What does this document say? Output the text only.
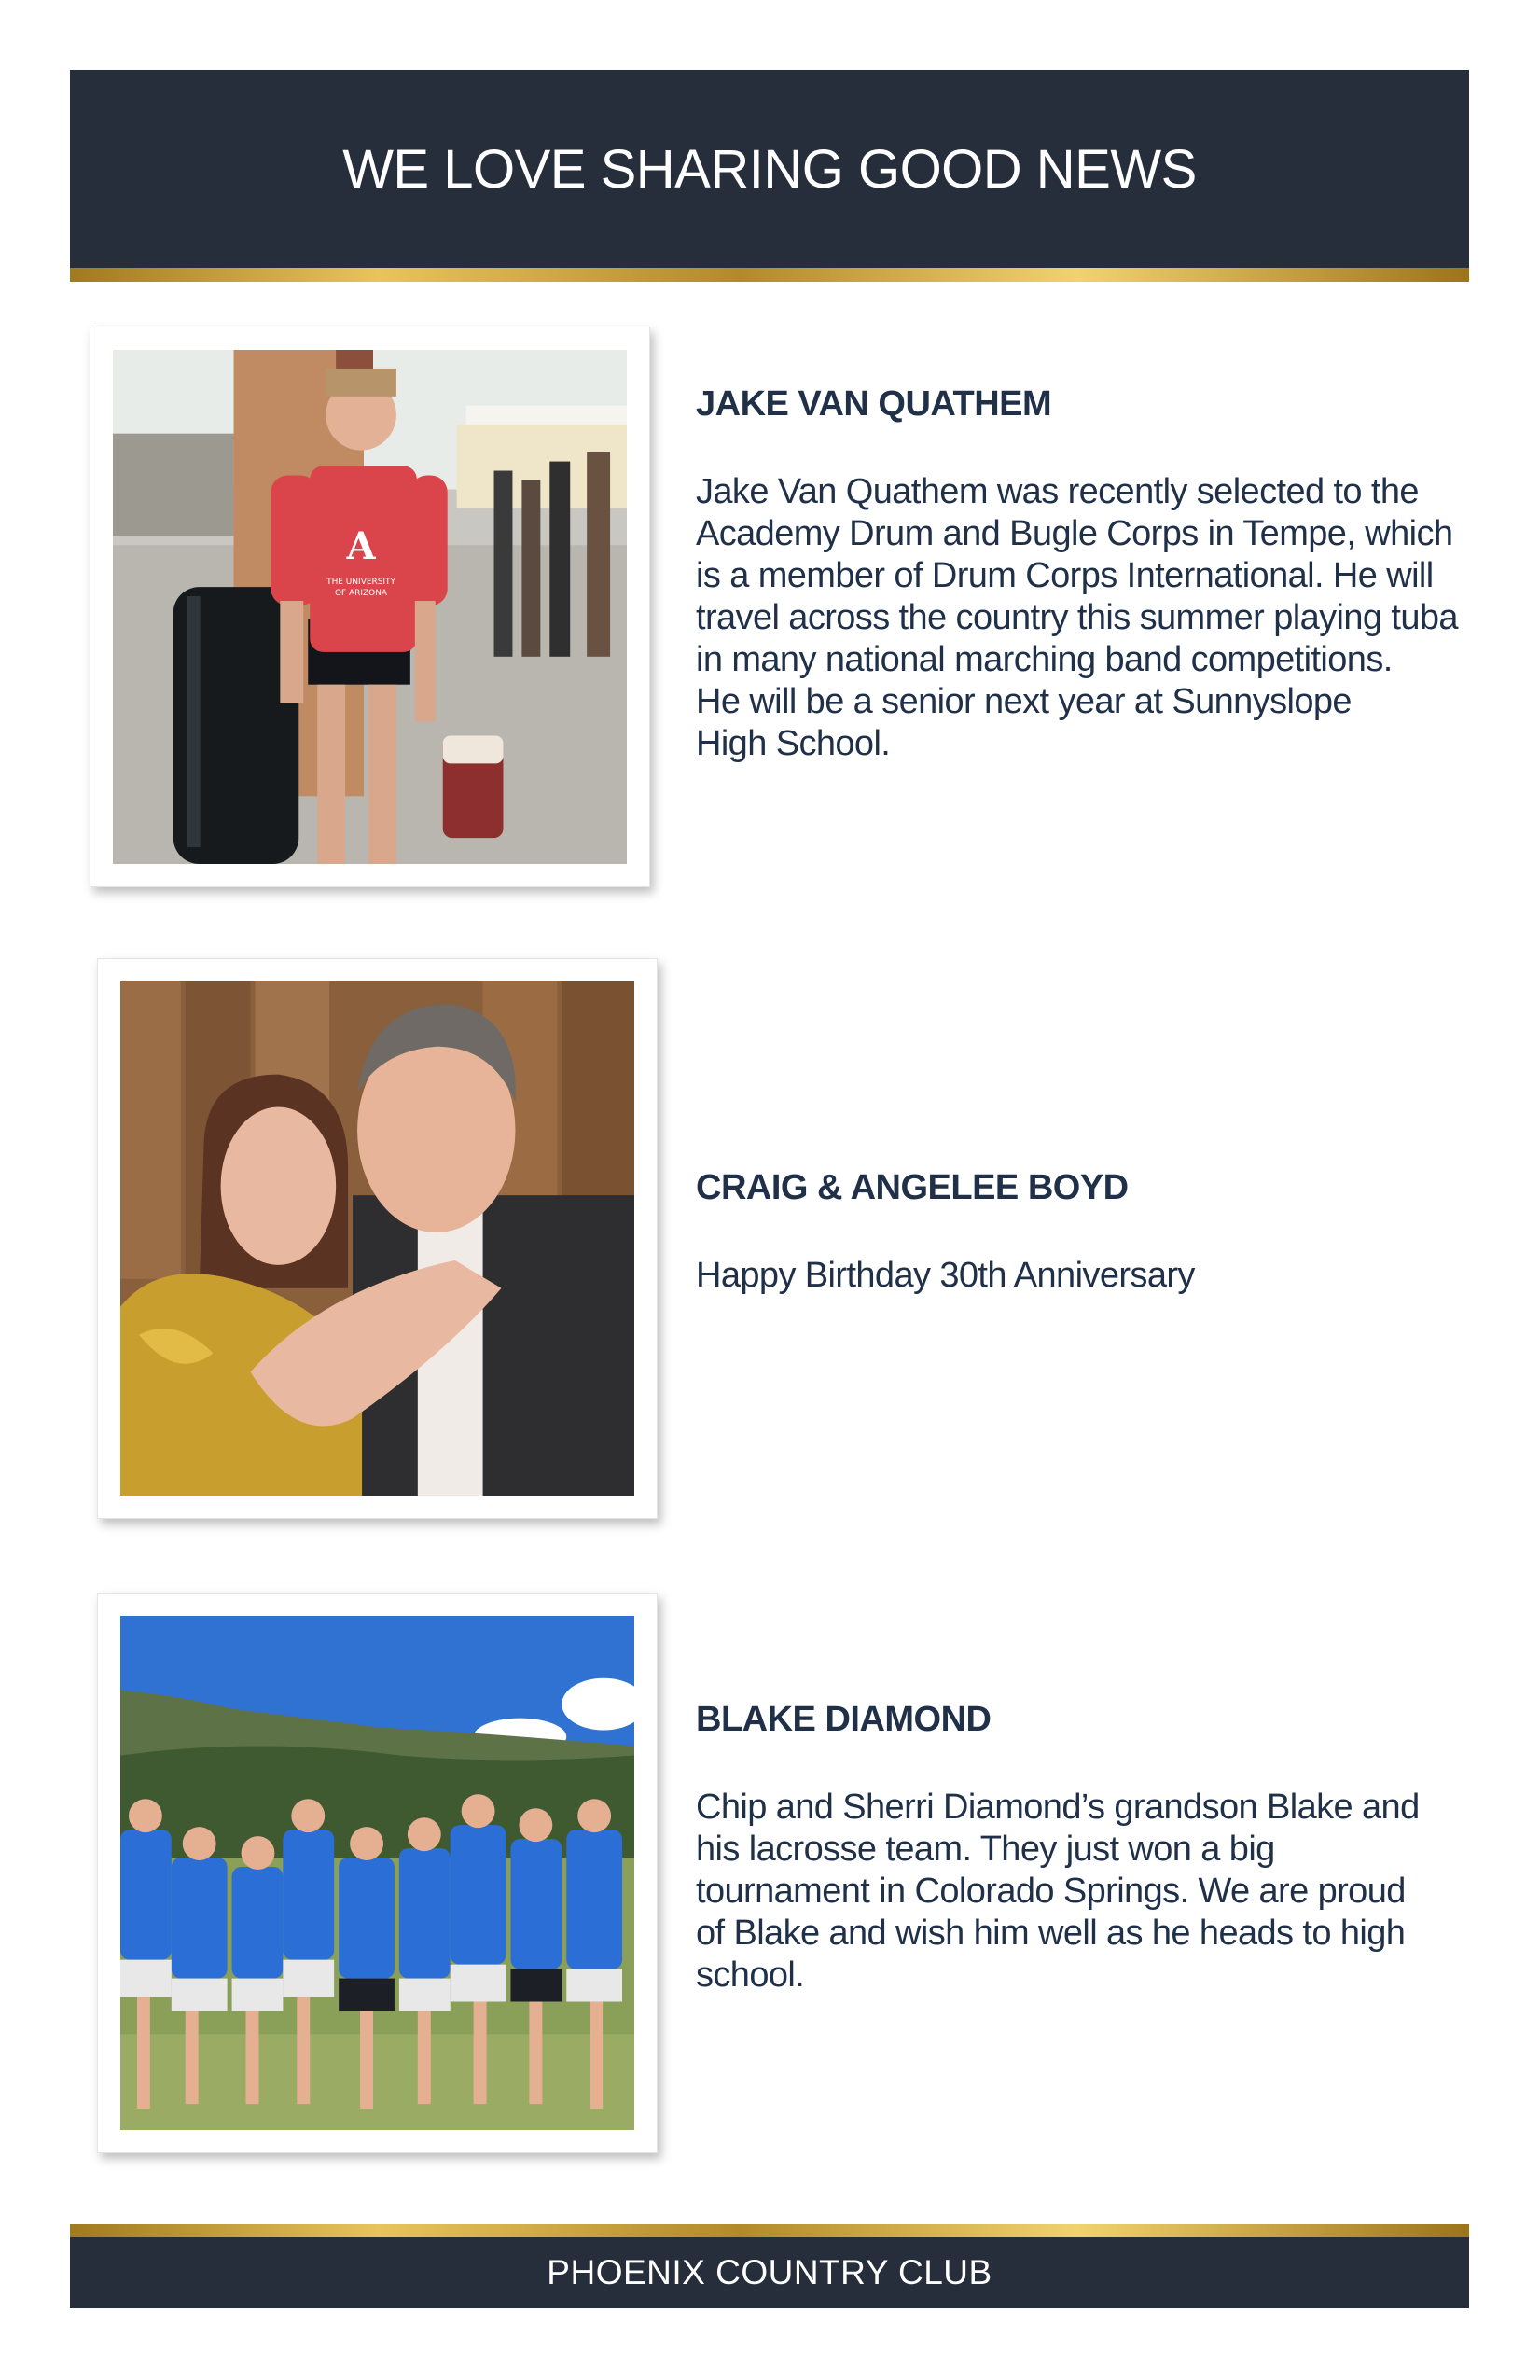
WE LOVE SHARING GOOD NEWS
A
THE UNIVERSITY
OF ARIZONA
JAKE VAN QUATHEM

Jake Van Quathem was recently selected to the
Academy Drum and Bugle Corps in Tempe, which
is a member of Drum Corps International. He will
travel across the country this summer playing tuba
in many national marching band competitions.
He will be a senior next year at Sunnyslope
High School.

CRAIG & ANGELEE BOYD

Happy Birthday 30th Anniversary

BLAKE DIAMOND

Chip and Sherri Diamond’s grandson Blake and
his lacrosse team. They just won a big
tournament in Colorado Springs. We are proud
of Blake and wish him well as he heads to high
school.

PHOENIX COUNTRY CLUB
